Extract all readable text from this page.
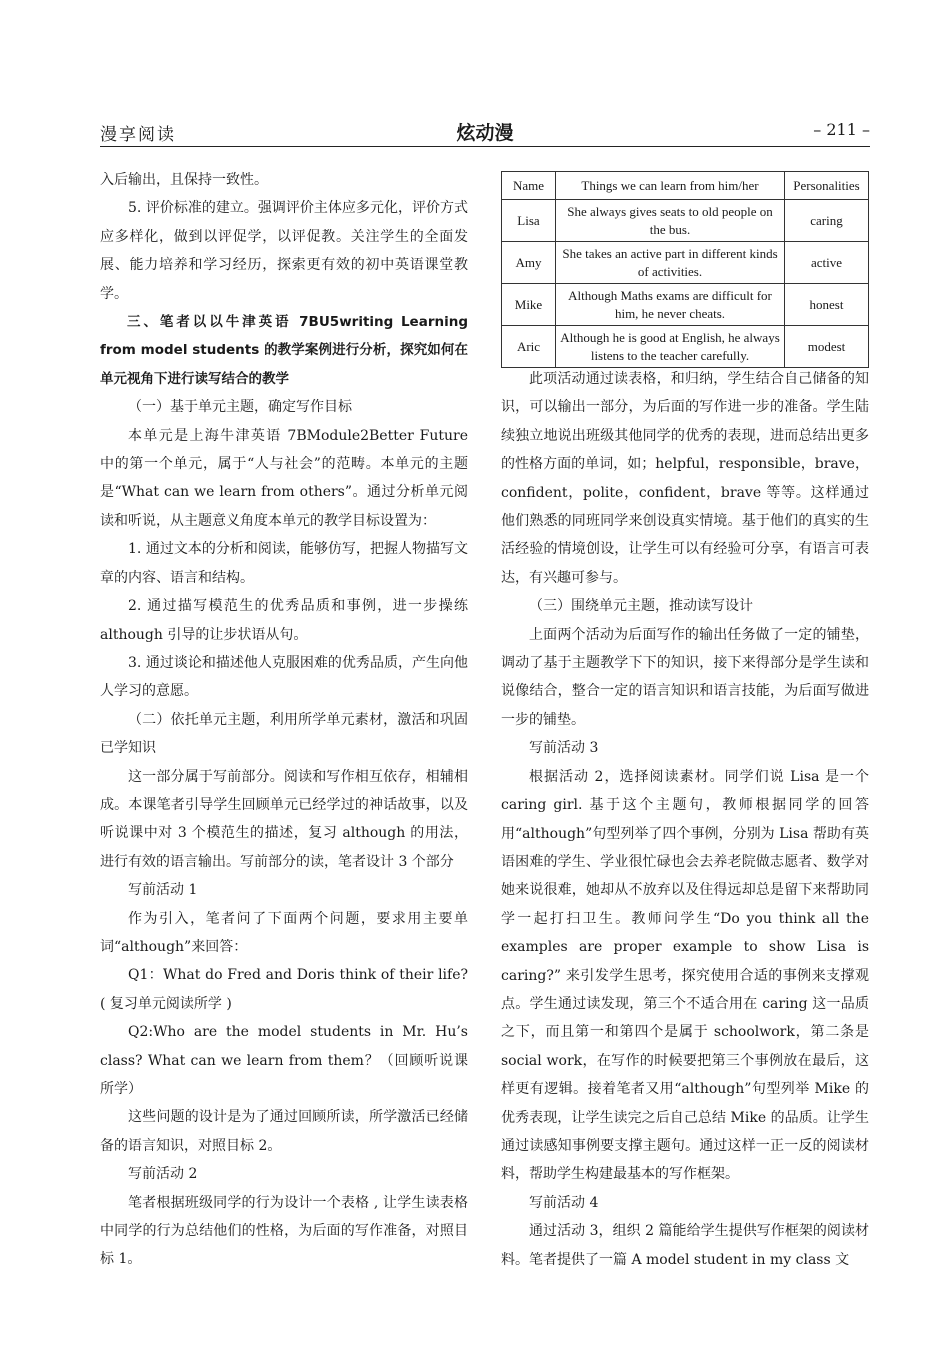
漫享阅读	炫动漫	– 211 –

入后输出，且保持一致性。

5. 评价标准的建立。强调评价主体应多元化，评价方式应多样化，做到以评促学，以评促教。关注学生的全面发展、能力培养和学习经历，探索更有效的初中英语课堂教学。

三、笔者以以牛津英语 7BU5writing Learning from model students 的教学案例进行分析，探究如何在单元视角下进行读写结合的教学

（一）基于单元主题，确定写作目标

本单元是上海牛津英语 7BModule2Better Future 中的第一个单元，属于“人与社会”的范畴。本单元的主题是“What can we learn from others”。通过分析单元阅读和听说，从主题意义角度本单元的教学目标设置为：

1. 通过文本的分析和阅读，能够仿写，把握人物描写文章的内容、语言和结构。

2. 通过描写模范生的优秀品质和事例，进一步操练 although 引导的让步状语从句。

3. 通过谈论和描述他人克服困难的优秀品质，产生向他人学习的意愿。

（二）依托单元主题，利用所学单元素材，激活和巩固已学知识

这一部分属于写前部分。阅读和写作相互依存，相辅相成。本课笔者引导学生回顾单元已经学过的神话故事，以及听说课中对 3 个模范生的描述，复习 although 的用法，进行有效的语言输出。写前部分的读，笔者设计 3 个部分

写前活动 1

作为引入，笔者问了下面两个问题，要求用主要单词“although”来回答：

Q1：What do Fred and Doris think of their life?( 复习单元阅读所学 )

Q2:Who are the model students in Mr. Hu’s class? What can we learn from them？（回顾听说课所学）

这些问题的设计是为了通过回顾所读，所学激活已经储备的语言知识，对照目标 2。

写前活动 2

笔者根据班级同学的行为设计一个表格 , 让学生读表格中同学的行为总结他们的性格，为后面的写作准备，对照目标 1。

Name	Things we can learn from him/her	Personalities
Lisa	She always gives seats to old people on the bus.	caring
Amy	She takes an active part in different kinds of activities.	active
Mike	Although Maths exams are difficult for him, he never cheats.	honest
Aric	Although he is good at English, he always listens to the teacher carefully.	modest

此项活动通过读表格，和归纳，学生结合自己储备的知识，可以输出一部分，为后面的写作进一步的准备。学生陆续独立地说出班级其他同学的优秀的表现，进而总结出更多的性格方面的单词，如；helpful，responsible，brave，confident，polite，confident，brave 等等。这样通过他们熟悉的同班同学来创设真实情境。基于他们的真实的生活经验的情境创设，让学生可以有经验可分享，有语言可表达，有兴趣可参与。

（三）围绕单元主题，推动读写设计

上面两个活动为后面写作的输出任务做了一定的铺垫，调动了基于主题教学下下的知识，接下来得部分是学生读和说像结合，整合一定的语言知识和语言技能，为后面写做进一步的铺垫。

写前活动 3

根据活动 2，选择阅读素材。同学们说 Lisa 是一个 caring girl. 基于这个主题句，教师根据同学的回答用“although”句型列举了四个事例，分别为 Lisa 帮助有英语困难的学生、学业很忙碌也会去养老院做志愿者、数学对她来说很难，她却从不放弃以及住得远却总是留下来帮助同学一起打扫卫生。教师问学生“Do you think all the examples are proper example to show Lisa is caring?” 来引发学生思考，探究使用合适的事例来支撑观点。学生通过读发现，第三个不适合用在 caring 这一品质之下，而且第一和第四个是属于 schoolwork，第二条是 social work，在写作的时候要把第三个事例放在最后，这样更有逻辑。接着笔者又用“although”句型列举 Mike 的优秀表现，让学生读完之后自己总结 Mike 的品质。让学生通过读感知事例要支撑主题句。通过这样一正一反的阅读材料，帮助学生构建最基本的写作框架。

写前活动 4

通过活动 3，组织 2 篇能给学生提供写作框架的阅读材料。笔者提供了一篇 A model student in my class 文
